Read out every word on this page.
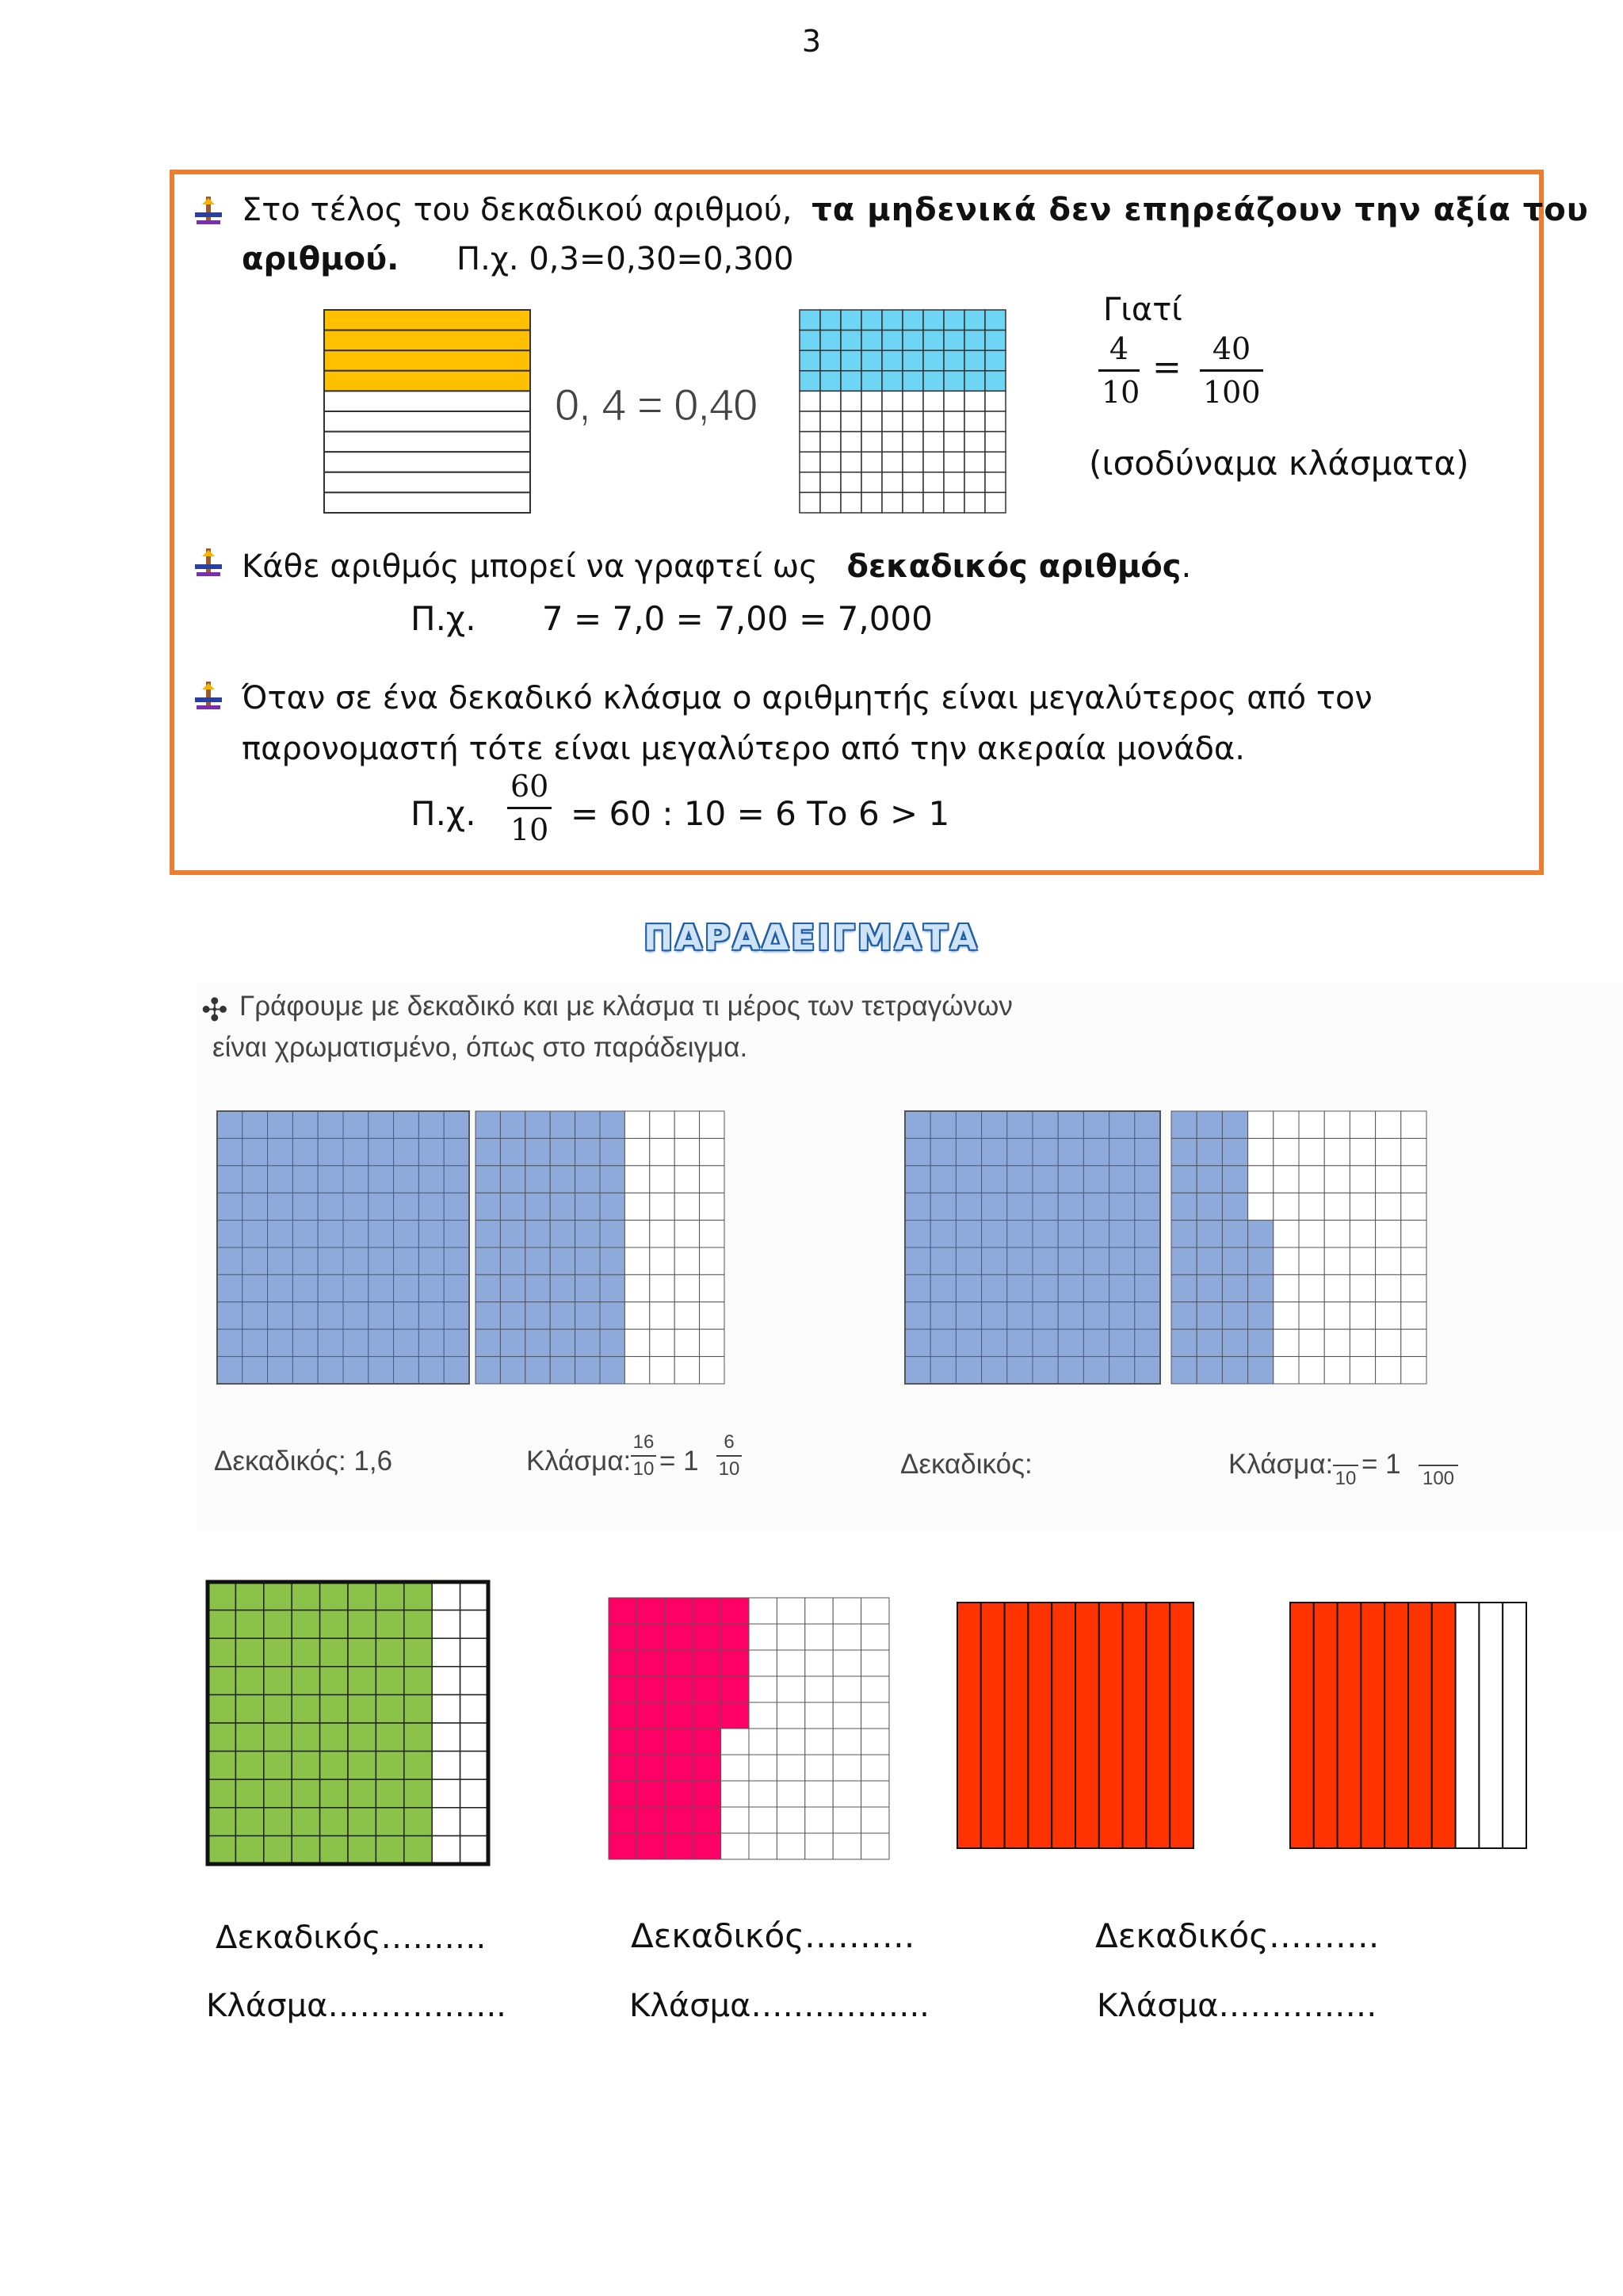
3
Στο τέλος του δεκαδικού αριθμού, τα μηδενικά δεν επηρεάζουν την αξία του
αριθμού. Π.χ. 0,3=0,30=0,300
0, 4 = 0,40
Γιατί
4
10
=	40
100
(ισοδύναμα κλάσματα)
Κάθε αριθμός μπορεί να γραφτεί ως δεκαδικός αριθμός.
Π.χ. 7 = 7,0 = 7,00 = 7,000
Όταν σε ένα δεκαδικό κλάσμα ο αριθμητής είναι μεγαλύτερος από τον
παρονομαστή τότε είναι μεγαλύτερο από την ακεραία μονάδα.
Π.χ.
60
10 = 60 : 10 = 6 Το 6 > 1
ΠΑΡΑΔΕΙΓΜΑΤΑ
✣ Γράφουμε με δεκαδικό και με κλάσμα τι μέρος των τετραγώνων
είναι χρωματισμένο, όπως στο παράδειγμα.
Δεκαδικός: 1,6	Κλάσμα:
16
10 = 1
6
10	Δεκαδικός:	Κλάσμα:
10 = 1
100
Δεκαδικός……….	Δεκαδικός……….	Δεκαδικός……….
Κλάσμα……………..	Κλάσμα……………..	Κλάσμα……………
